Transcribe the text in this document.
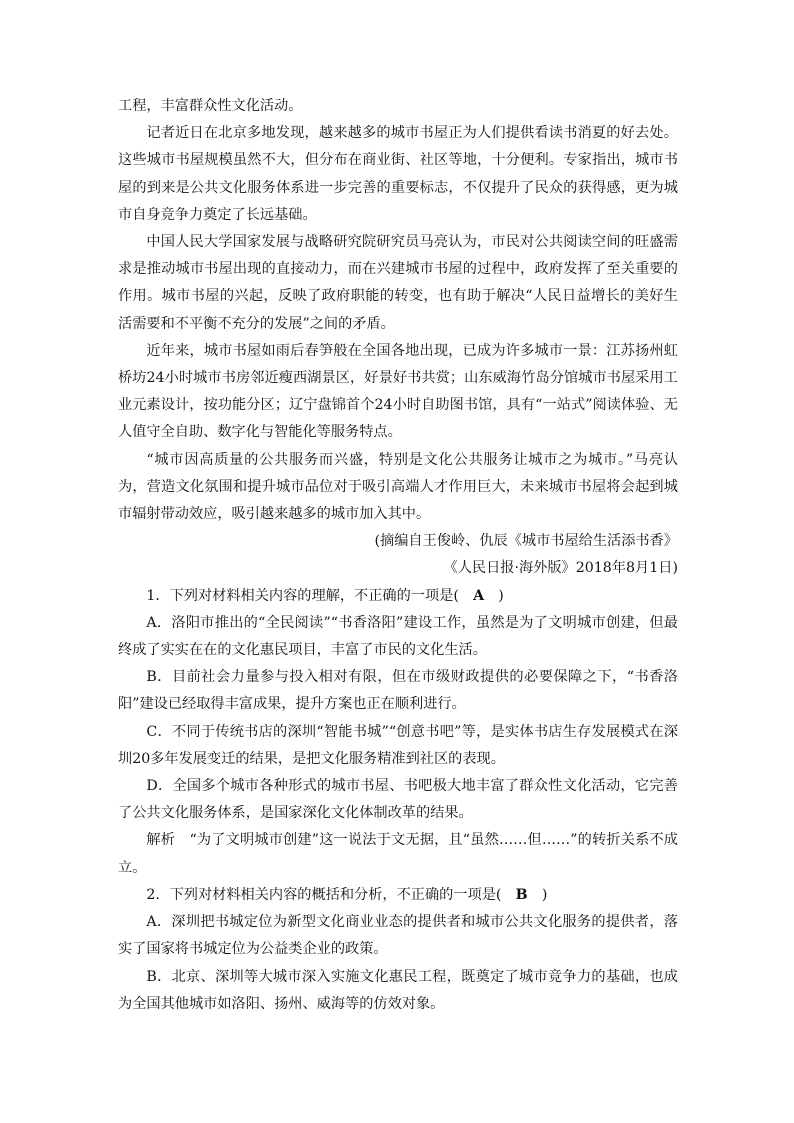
工程，丰富群众性文化活动。

记者近日在北京多地发现，越来越多的城市书屋正为人们提供看读书消夏的好去处。这些城市书屋规模虽然不大，但分布在商业街、社区等地，十分便利。专家指出，城市书屋的到来是公共文化服务体系进一步完善的重要标志，不仅提升了民众的获得感，更为城市自身竞争力奠定了长远基础。

中国人民大学国家发展与战略研究院研究员马亮认为，市民对公共阅读空间的旺盛需求是推动城市书屋出现的直接动力，而在兴建城市书屋的过程中，政府发挥了至关重要的作用。城市书屋的兴起，反映了政府职能的转变，也有助于解决“人民日益增长的美好生活需要和不平衡不充分的发展”之间的矛盾。

近年来，城市书屋如雨后春笋般在全国各地出现，已成为许多城市一景：江苏扬州虹桥坊24小时城市书房邻近瘦西湖景区，好景好书共赏；山东威海竹岛分馆城市书屋采用工业元素设计，按功能分区；辽宁盘锦首个24小时自助图书馆，具有“一站式”阅读体验、无人值守全自助、数字化与智能化等服务特点。

“城市因高质量的公共服务而兴盛，特别是文化公共服务让城市之为城市。”马亮认为，营造文化氛围和提升城市品位对于吸引高端人才作用巨大，未来城市书屋将会起到城市辐射带动效应，吸引越来越多的城市加入其中。

(摘编自王俊岭、仇辰《城市书屋给生活添书香》

《人民日报·海外版》2018年8月1日)

1．下列对材料相关内容的理解，不正确的一项是(　A　)

A．洛阳市推出的“全民阅读”“书香洛阳”建设工作，虽然是为了文明城市创建，但最终成了实实在在的文化惠民项目，丰富了市民的文化生活。

B．目前社会力量参与投入相对有限，但在市级财政提供的必要保障之下，“书香洛阳”建设已经取得丰富成果，提升方案也正在顺利进行。

C．不同于传统书店的深圳“智能书城”“创意书吧”等，是实体书店生存发展模式在深圳20多年发展变迁的结果，是把文化服务精准到社区的表现。

D．全国多个城市各种形式的城市书屋、书吧极大地丰富了群众性文化活动，它完善了公共文化服务体系，是国家深化文化体制改革的结果。

解析　“为了文明城市创建”这一说法于文无据，且“虽然……但……”的转折关系不成立。

2．下列对材料相关内容的概括和分析，不正确的一项是(　B　)

A．深圳把书城定位为新型文化商业业态的提供者和城市公共文化服务的提供者，落实了国家将书城定位为公益类企业的政策。

B．北京、深圳等大城市深入实施文化惠民工程，既奠定了城市竞争力的基础，也成为全国其他城市如洛阳、扬州、威海等的仿效对象。
